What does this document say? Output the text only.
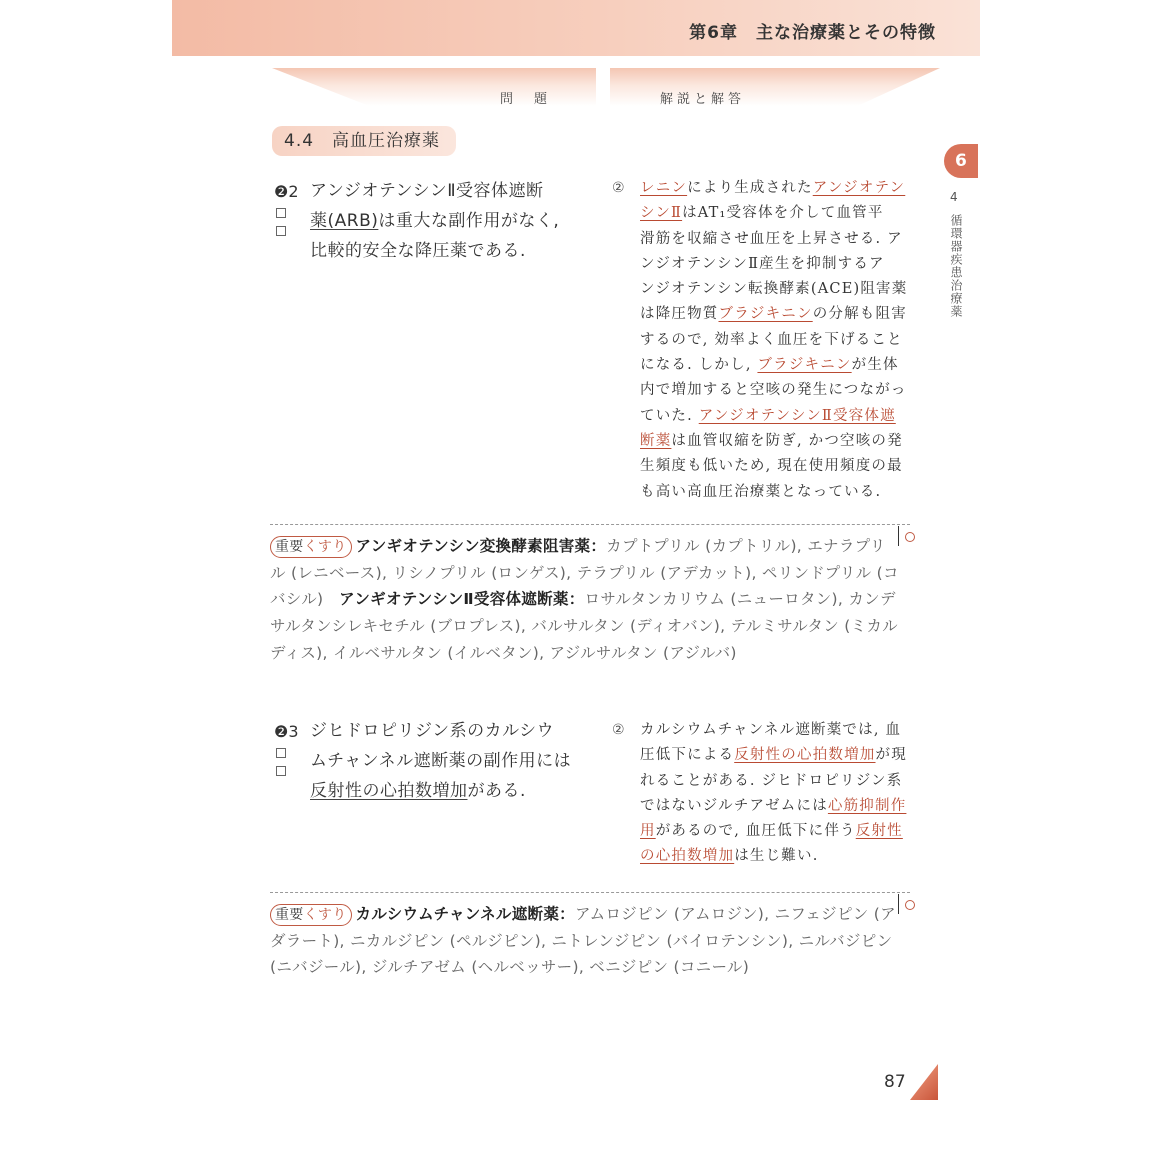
第6章　主な治療薬とその特徴
問　題	解説と解答
4.4　高血圧治療薬
6
4
循環器疾患治療薬
❷2 アンジオテンシンⅡ受容体遮断
薬(ARB)は重大な副作用がなく,
比較的安全な降圧薬である.
② レニンにより生成されたアンジオテン
シンⅡはAT₁受容体を介して血管平
滑筋を収縮させ血圧を上昇させる. ア
ンジオテンシンⅡ産生を抑制するア
ンジオテンシン転換酵素(ACE)阻害薬
は降圧物質ブラジキニンの分解も阻害
するので, 効率よく血圧を下げること
になる. しかし, ブラジキニンが生体
内で増加すると空咳の発生につながっ
ていた. アンジオテンシンⅡ受容体遮
断薬は血管収縮を防ぎ, かつ空咳の発
生頻度も低いため, 現在使用頻度の最
も高い高血圧治療薬となっている.
重要くすり アンギオテンシン変換酵素阻害薬：カプトプリル (カプトリル), エナラプリル (レニベース), リシノプリル (ロンゲス), テラプリル (アデカット), ペリンドプリル (コバシル)　アンギオテンシンⅡ受容体遮断薬：ロサルタンカリウム (ニューロタン), カンデサルタンシレキセチル (ブロプレス), バルサルタン (ディオバン), テルミサルタン (ミカルディス), イルベサルタン (イルベタン), アジルサルタン (アジルバ)
❷3 ジヒドロピリジン系のカルシウ
ムチャンネル遮断薬の副作用には
反射性の心拍数増加がある.
② カルシウムチャンネル遮断薬では, 血
圧低下による反射性の心拍数増加が現
れることがある. ジヒドロピリジン系
ではないジルチアゼムには心筋抑制作
用があるので, 血圧低下に伴う反射性
の心拍数増加は生じ難い.
重要くすり カルシウムチャンネル遮断薬：アムロジピン (アムロジン), ニフェジピン (アダラート), ニカルジピン (ペルジピン), ニトレンジピン (バイロテンシン), ニルバジピン (ニバジール), ジルチアゼム (ヘルベッサー), ベニジピン (コニール)
87
